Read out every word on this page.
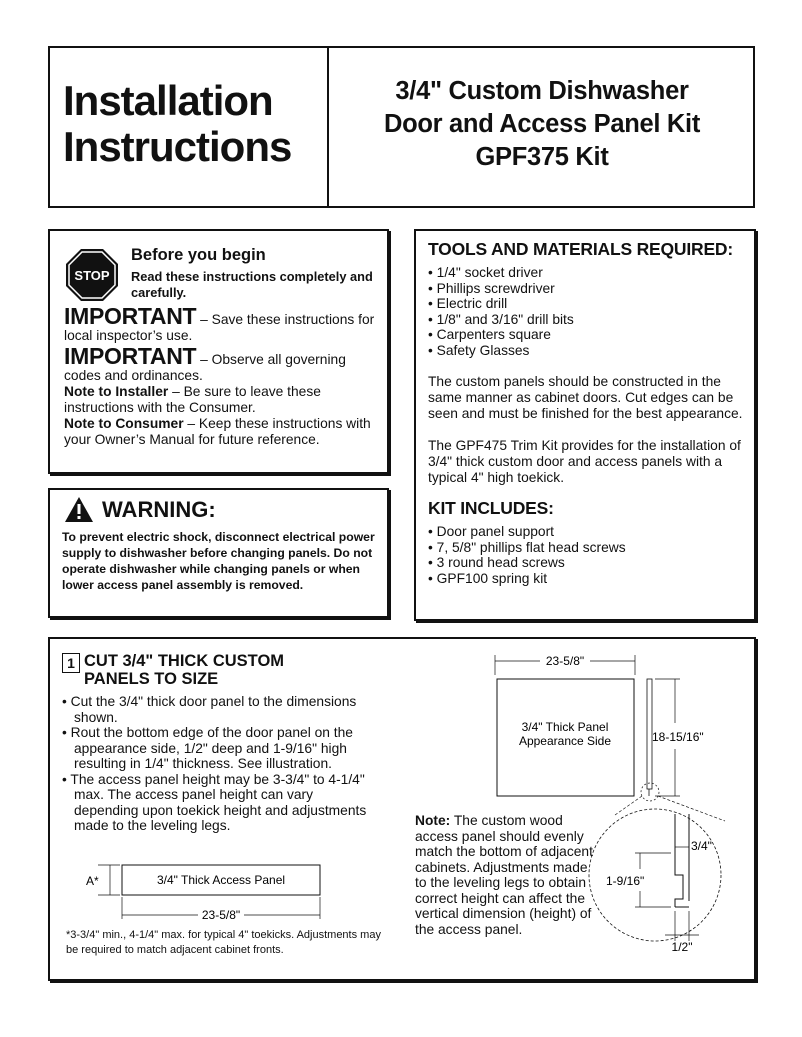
Installation
Instructions
3/4" Custom Dishwasher
Door and Access Panel Kit
GPF375 Kit
STOP

Before you begin

Read these instructions completely and carefully.

IMPORTANT – Save these instructions for local inspector’s use.

IMPORTANT – Observe all governing codes and ordinances.

Note to Installer – Be sure to leave these instructions with the Consumer.

Note to Consumer – Keep these instructions with your Owner’s Manual for future reference.

WARNING:

To prevent electric shock, disconnect electrical power supply to dishwasher before changing panels. Do not operate dishwasher while changing panels or when lower access panel assembly is removed.

TOOLS AND MATERIALS REQUIRED:

• 1/4" socket driver
• Phillips screwdriver
• Electric drill
• 1/8" and 3/16" drill bits
• Carpenters square
• Safety Glasses

The custom panels should be constructed in the same manner as cabinet doors. Cut edges can be seen and must be finished for the best appearance.

The GPF475 Trim Kit provides for the installation of 3/4" thick custom door and access panels with a typical 4" high toekick.

KIT INCLUDES:

• Door panel support
• 7, 5/8" phillips flat head screws
• 3 round head screws
• GPF100 spring kit
1 CUT 3/4" THICK CUSTOM
PANELS TO SIZE
• Cut the 3/4" thick door panel to the dimensions shown.
• Rout the bottom edge of the door panel on the appearance side, 1/2" deep and 1-9/16" high resulting in 1/4" thickness. See illustration.
• The access panel height may be 3-3/4" to 4-1/4" max. The access panel height can vary depending upon toekick height and adjustments made to the leveling legs.
3/4" Thick Access Panel
A*
23-5/8"

*3-3/4" min., 4-1/4" max. for typical 4" toekicks. Adjustments may be required to match adjacent cabinet fronts.

Note: The custom wood access panel should evenly match the bottom of adjacent cabinets. Adjustments made to the leveling legs to obtain correct height can affect the vertical dimension (height) of the access panel.

23-5/8"
3/4" Thick Panel
Appearance Side	18-15/16"
3/4"
1-9/16"
1/2"
